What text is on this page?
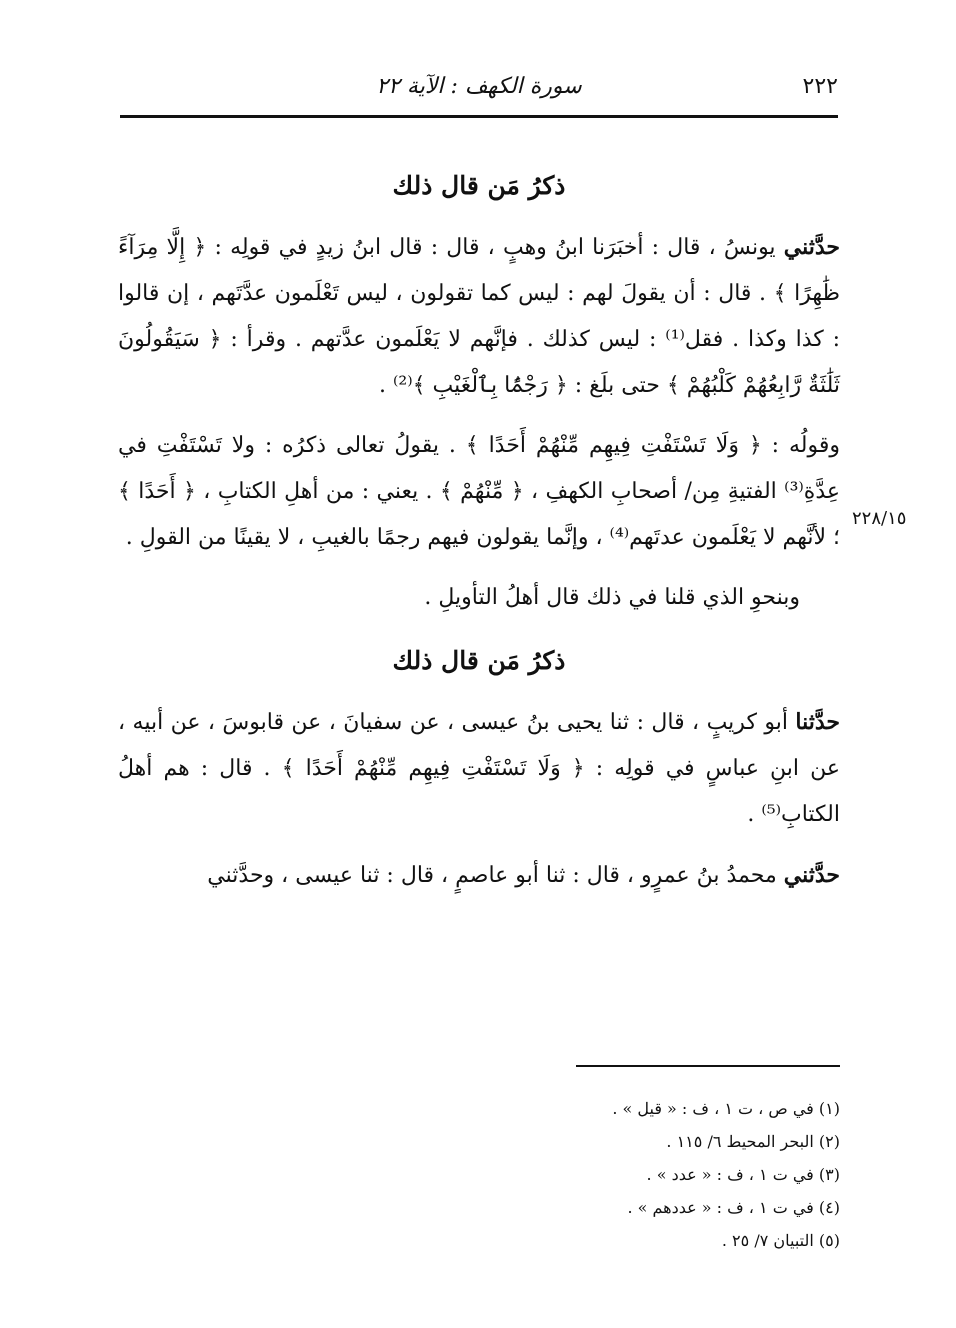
٢٢٢
سورة الكهف : الآية ٢٢
٢٢٨/١٥
ذكرُ مَن قال ذلك

حدَّثني يونسُ ، قال : أخبَرَنا ابنُ وهبٍ ، قال : قال ابنُ زيدٍ في قولِه : ﴿ إِلَّا مِرَآءً ظَٰهِرًا ﴾ . قال : أن يقولَ لهم : ليس كما تقولون ، ليس تَعْلَمون عدَّتَهم ، إن قالوا : كذا وكذا . فقل⁽¹⁾ : ليس كذلك . فإنَّهم لا يَعْلَمون عدَّتهم . وقرأ : ﴿ سَيَقُولُونَ ثَلَٰثَةٌ رَّابِعُهُمْ كَلْبُهُمْ ﴾ حتى بلَغ : ﴿ رَجْمًۢا بِٱلْغَيْبِ ﴾⁽²⁾ .

وقولُه : ﴿ وَلَا تَسْتَفْتِ فِيهِم مِّنْهُمْ أَحَدًا ﴾ . يقولُ تعالى ذكرُه : ولا تَسْتَفْتِ في عِدَّةِ⁽³⁾ الفتيةِ مِن/ أصحابِ الكهفِ ، ﴿ مِّنْهُمْ ﴾ . يعني : من أهلِ الكتابِ ، ﴿ أَحَدًا ﴾ ؛ لأنَّهم لا يَعْلَمون عدتَهم⁽⁴⁾ ، وإنَّما يقولون فيهم رجمًا بالغيبِ ، لا يقينًا من القولِ .

وبنحوِ الذي قلنا في ذلك قال أهلُ التأويلِ .

ذكرُ مَن قال ذلك

حدَّثنا أبو كريبٍ ، قال : ثنا يحيى بنُ عيسى ، عن سفيانَ ، عن قابوسَ ، عن أبيه ، عن ابنِ عباسٍ في قولِه : ﴿ وَلَا تَسْتَفْتِ فِيهِم مِّنْهُمْ أَحَدًا ﴾ . قال : هم أهلُ الكتابِ⁽⁵⁾ .

حدَّثني محمدُ بنُ عمرٍو ، قال : ثنا أبو عاصمٍ ، قال : ثنا عيسى ، وحدَّثني

(١) في ص ، ت ١ ، ف : « قيل » .

(٢) البحر المحيط ٦/ ١١٥ .

(٣) في ت ١ ، ف : « عدد » .

(٤) في ت ١ ، ف : « عددهم » .

(٥) التبيان ٧/ ٢٥ .
